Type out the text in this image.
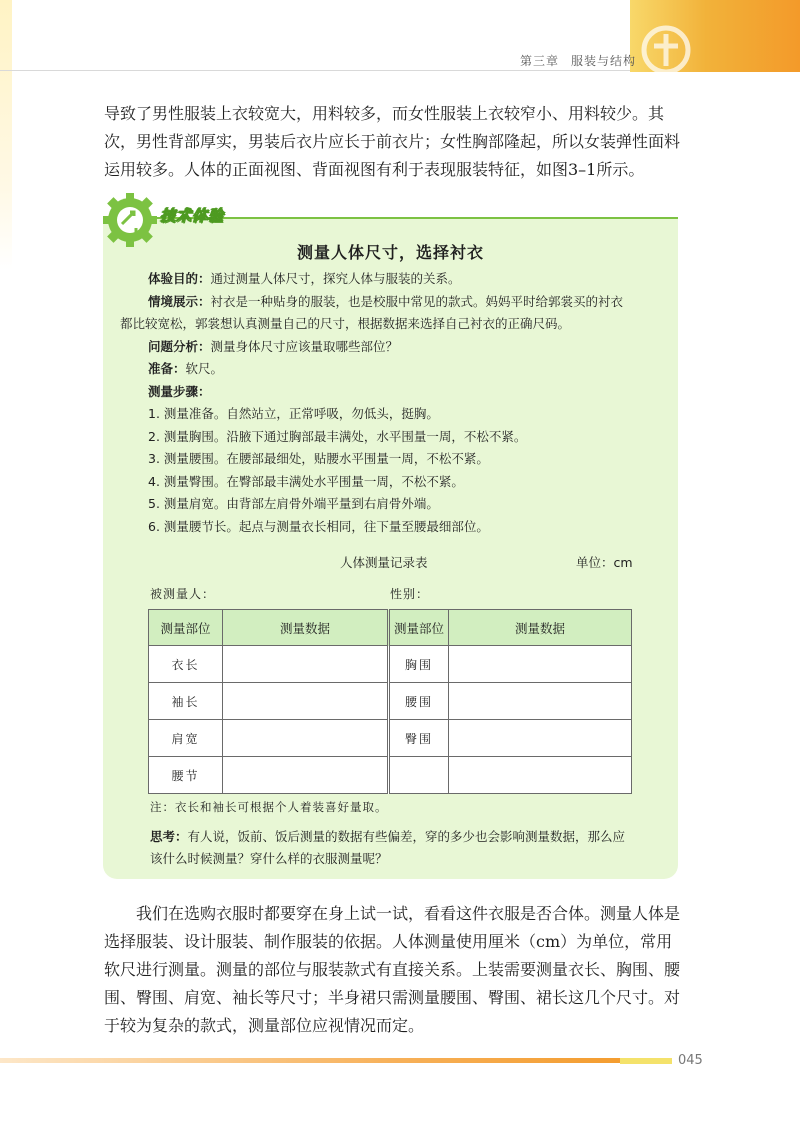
第三章 服装与结构
导致了男性服装上衣较宽大，用料较多，而女性服装上衣较窄小、用料较少。其
次，男性背部厚实，男装后衣片应长于前衣片；女性胸部隆起，所以女装弹性面料
运用较多。人体的正面视图、背面视图有利于表现服装特征，如图3–1所示。
技术体验
测量人体尺寸，选择衬衣
体验目的：通过测量人体尺寸，探究人体与服装的关系。
情境展示：衬衣是一种贴身的服装，也是校服中常见的款式。妈妈平时给郭裳买的衬衣
都比较宽松，郭裳想认真测量自己的尺寸，根据数据来选择自己衬衣的正确尺码。
问题分析：测量身体尺寸应该量取哪些部位？
准备：软尺。
测量步骤：
1. 测量准备。自然站立，正常呼吸，勿低头，挺胸。
2. 测量胸围。沿腋下通过胸部最丰满处，水平围量一周，不松不紧。
3. 测量腰围。在腰部最细处，贴腰水平围量一周，不松不紧。
4. 测量臀围。在臀部最丰满处水平围量一周，不松不紧。
5. 测量肩宽。由背部左肩骨外端平量到右肩骨外端。
6. 测量腰节长。起点与测量衣长相同，往下量至腰最细部位。
人体测量记录表	单位：cm
被测量人：	性别：
测量部位	测量数据	测量部位	测量数据
衣长		胸围	
袖长		腰围	
肩宽		臀围	
腰节			
注：衣长和袖长可根据个人着装喜好量取。
思考：有人说，饭前、饭后测量的数据有些偏差，穿的多少也会影响测量数据，那么应
该什么时候测量？穿什么样的衣服测量呢？
我们在选购衣服时都要穿在身上试一试，看看这件衣服是否合体。测量人体是
选择服装、设计服装、制作服装的依据。人体测量使用厘米（cm）为单位，常用
软尺进行测量。测量的部位与服装款式有直接关系。上装需要测量衣长、胸围、腰
围、臀围、肩宽、袖长等尺寸；半身裙只需测量腰围、臀围、裙长这几个尺寸。对
于较为复杂的款式，测量部位应视情况而定。
045
